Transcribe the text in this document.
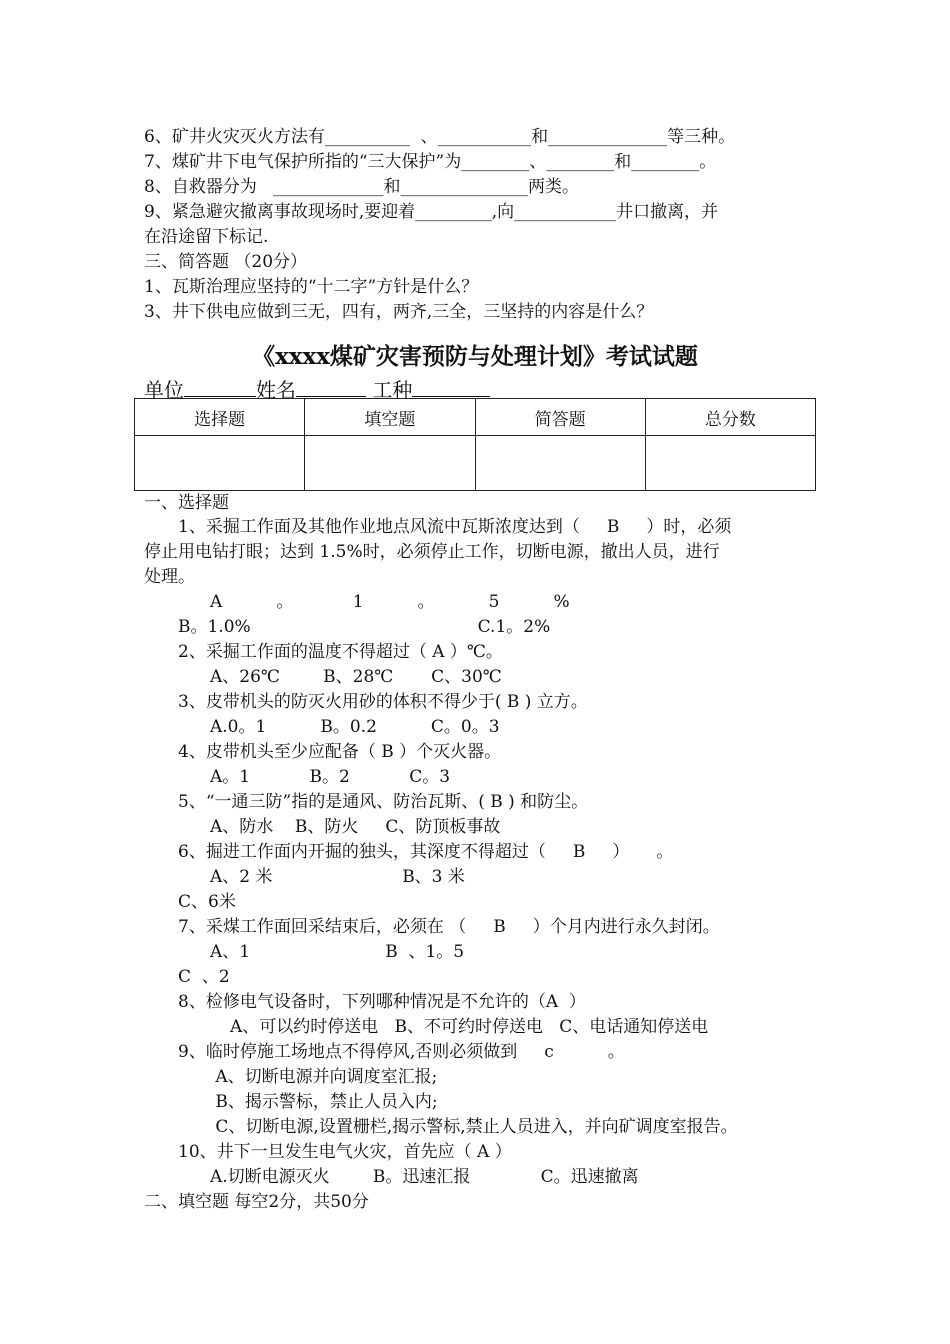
6、矿井火灾灭火方法有__________  、___________和______________等三种。
7、煤矿井下电气保护所指的“三大保护”为________、________和________。
8、自救器分为   _____________和_______________两类。
9、紧急避灾撤离事故现场时,要迎着_________,向____________井口撤离，并
在沿途留下标记.
三、简答题 （20分）
1、瓦斯治理应坚持的“十二字”方针是什么？
3、井下供电应做到三无，四有，两齐,三全，三坚持的内容是什么？
《xxxx煤矿灾害预防与处理计划》考试试题
单位	姓名	工种
选择题	填空题	简答题	总分数

一、选择题
1、采掘工作面及其他作业地点风流中瓦斯浓度达到（     B     ）时，必须
停止用电钻打眼；达到 1.5%时，必须停止工作，切断电源，撤出人员，进行
处理。
A          。           1          。          5          %
B。1.0%                                          C.1。2%
2、采掘工作面的温度不得超过（ A ）℃。
A、26℃        B、28℃       C、30℃
3、皮带机头的防灭火用砂的体积不得少于( B ) 立方。
A.0。1          B。0.2          C。0。3
4、皮带机头至少应配备（ B ）个灭火器。
A。1           B。2           C。3
5、“一通三防”指的是通风、防治瓦斯、( B ) 和防尘。
A、防水    B、防火     C、防顶板事故
6、掘进工作面内开掘的独头，其深度不得超过（     B     ）     。
A、2 米                        B、3 米
C、6米
7、采煤工作面回采结束后，必须在 （     B     ）个月内进行永久封闭。
A、1                         B  、1。5
C  、2
8、检修电气设备时，下列哪种情况是不允许的（A  ）
A、可以约时停送电   B、不可约时停送电   C、电话通知停送电
9、临时停施工场地点不得停风,否则必须做到     c          。
A、切断电源并向调度室汇报;
B、揭示警标，禁止人员入内;
C、切断电源,设置栅栏,揭示警标,禁止人员进入，并向矿调度室报告。
10、井下一旦发生电气火灾，首先应（ A ）
A.切断电源灭火        B。迅速汇报             C。迅速撤离
二、填空题 每空2分，共50分
